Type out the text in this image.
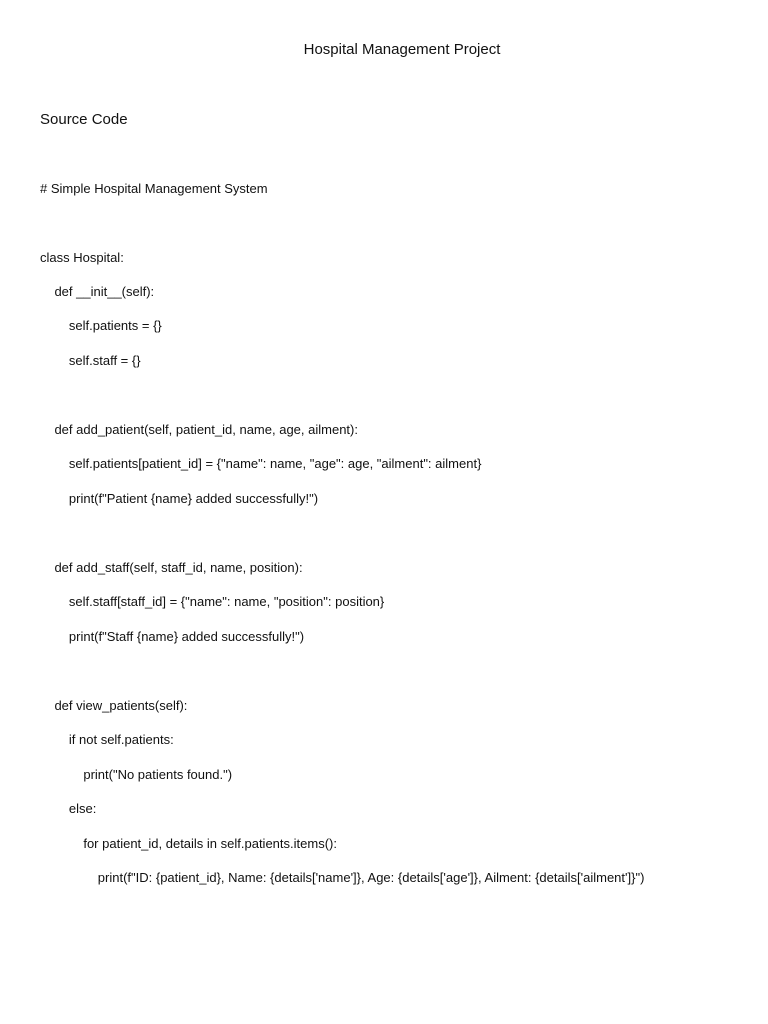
Hospital Management Project
Source Code
# Simple Hospital Management System
class Hospital:
def __init__(self):
self.patients = {}
self.staff = {}
def add_patient(self, patient_id, name, age, ailment):
self.patients[patient_id] = {"name": name, "age": age, "ailment": ailment}
print(f"Patient {name} added successfully!")
def add_staff(self, staff_id, name, position):
self.staff[staff_id] = {"name": name, "position": position}
print(f"Staff {name} added successfully!")
def view_patients(self):
if not self.patients:
print("No patients found.")
else:
for patient_id, details in self.patients.items():
print(f"ID: {patient_id}, Name: {details['name']}, Age: {details['age']}, Ailment: {details['ailment']}")
